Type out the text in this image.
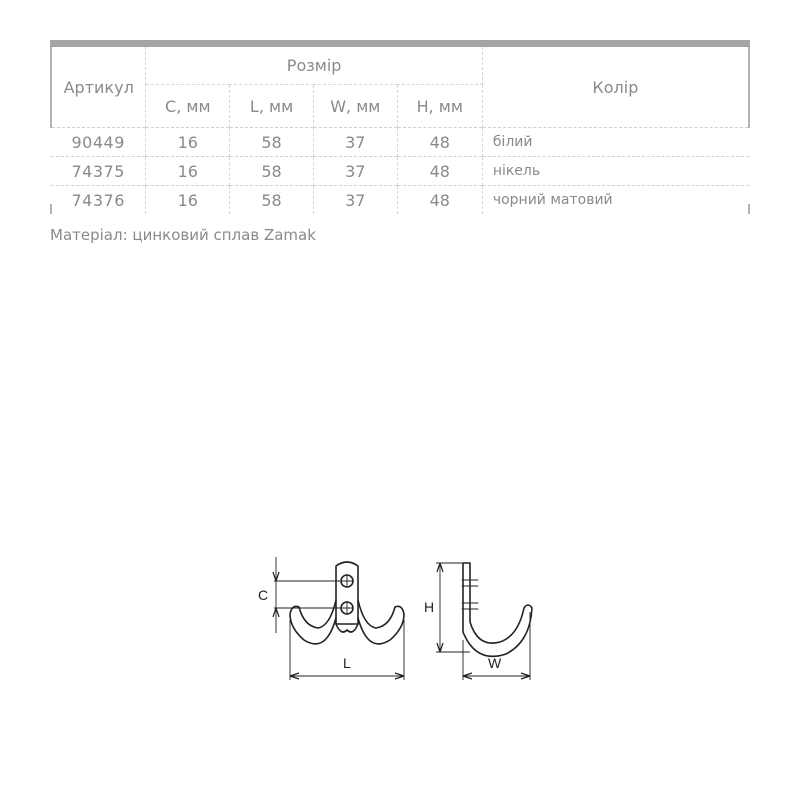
Артикул	Розмір				Колір
	C, мм	L, мм	W, мм	H, мм	
90449	16	58	37	48	білий
74375	16	58	37	48	нікель
74376	16	58	37	48	чорний матовий
Матеріал: цинковий сплав Zamak
C
H
L	W
